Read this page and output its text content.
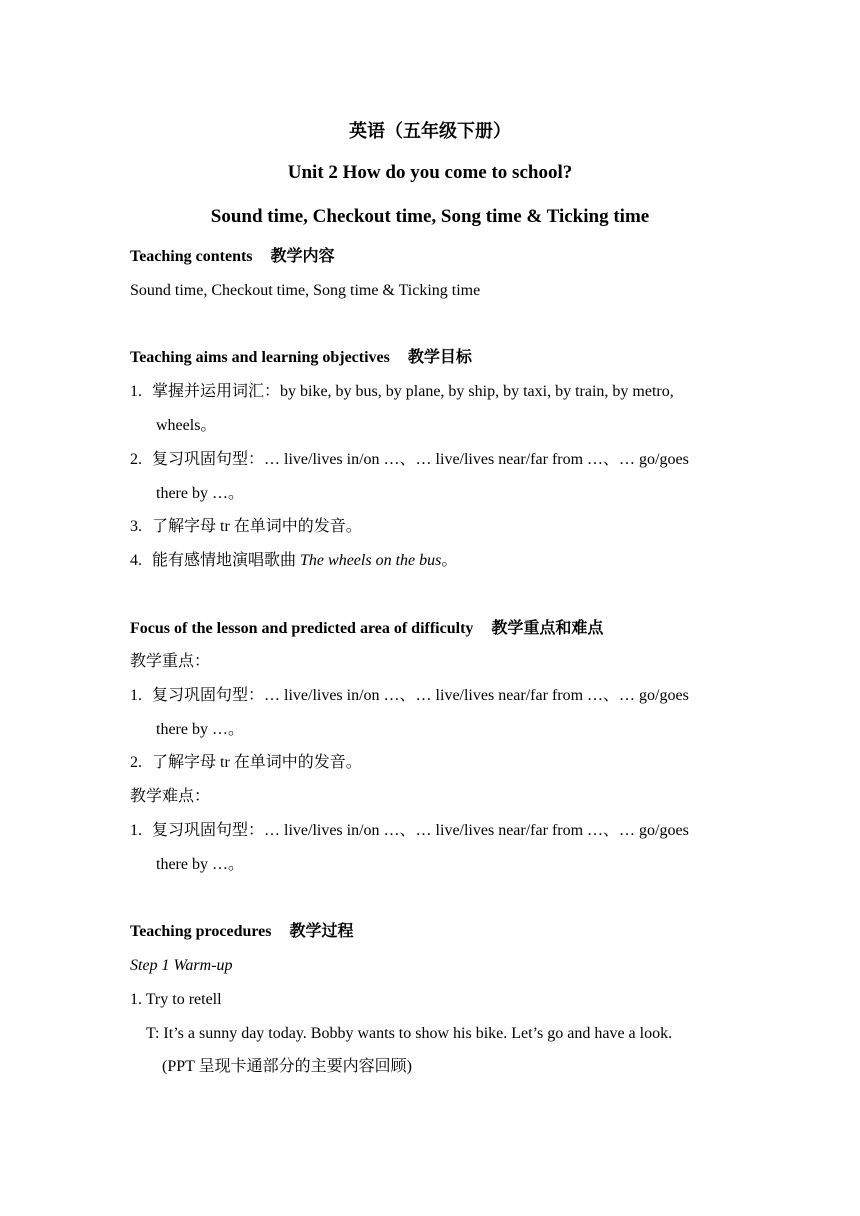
英语（五年级下册）
Unit 2 How do you come to school?
Sound time, Checkout time, Song time & Ticking time
Teaching contents 教学内容
Sound time, Checkout time, Song time & Ticking time
Teaching aims and learning objectives 教学目标
1. 掌握并运用词汇：by bike, by bus, by plane, by ship, by taxi, by train, by metro,
wheels。
2. 复习巩固句型：… live/lives in/on …、… live/lives near/far from …、… go/goes
there by …。
3. 了解字母 tr 在单词中的发音。
4. 能有感情地演唱歌曲 The wheels on the bus。
Focus of the lesson and predicted area of difficulty 教学重点和难点
教学重点：
1. 复习巩固句型：… live/lives in/on …、… live/lives near/far from …、… go/goes
there by …。
2. 了解字母 tr 在单词中的发音。
教学难点：
1. 复习巩固句型：… live/lives in/on …、… live/lives near/far from …、… go/goes
there by …。
Teaching procedures 教学过程
Step 1 Warm-up
1. Try to retell
T: It’s a sunny day today. Bobby wants to show his bike. Let’s go and have a look.
(PPT 呈现卡通部分的主要内容回顾)
